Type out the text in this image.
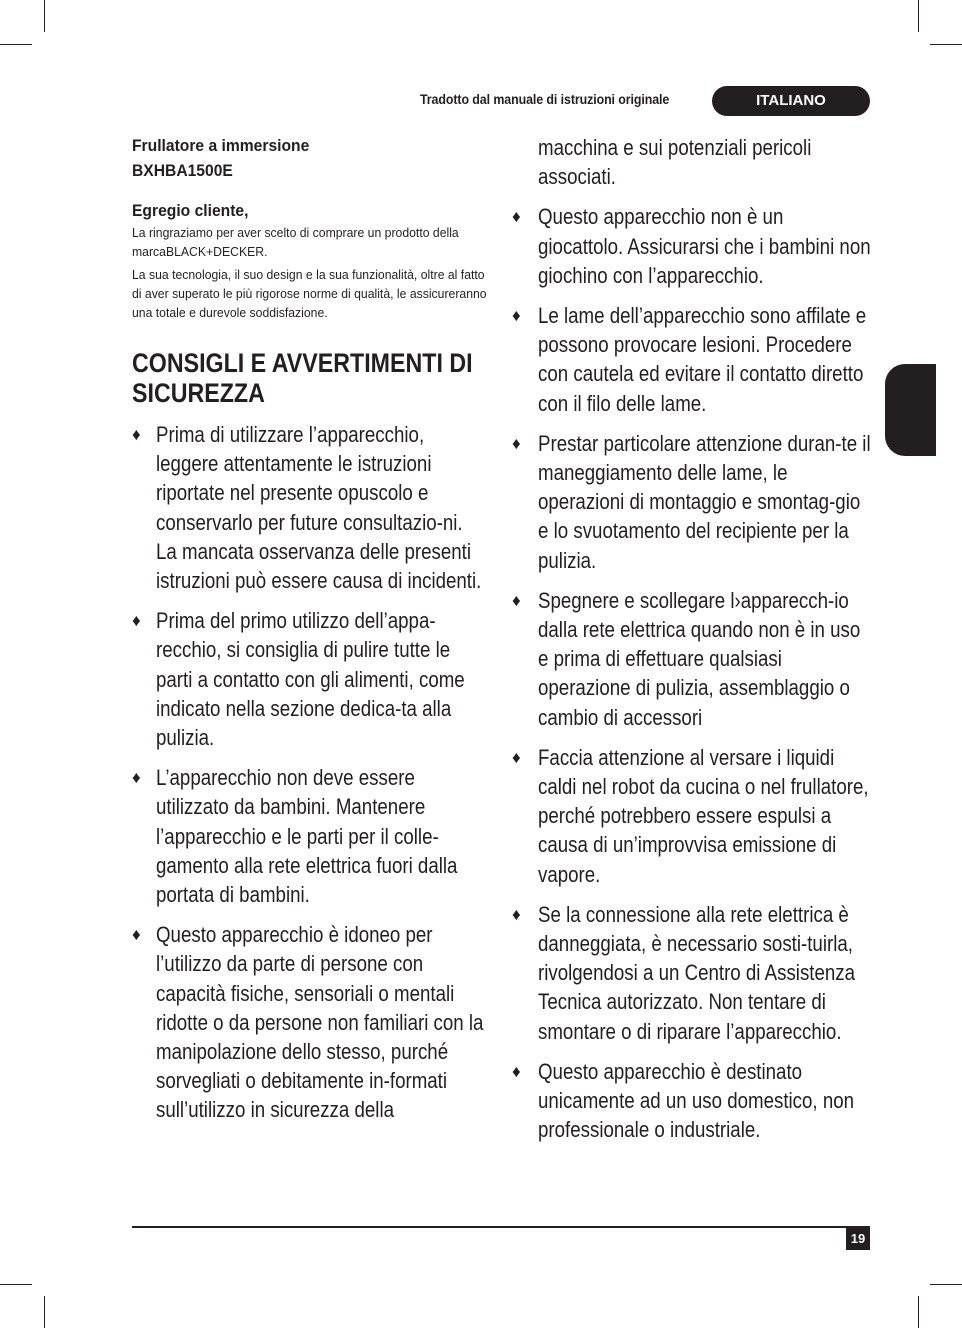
Tradotto dal manuale di istruzioni originale	ITALIANO
Frullatore a immersione
BXHBA1500E
Egregio cliente,

La ringraziamo per aver scelto di comprare un prodotto della marcaBLACK+DECKER.

La sua tecnologia, il suo design e la sua funzionalità, oltre al fatto di aver superato le più rigorose norme di qualità, le assicureranno una totale e durevole soddisfazione.

CONSIGLI E AVVERTIMENTI DI SICUREZZA
♦ Prima di utilizzare l’apparecchio, leggere attentamente le istruzioni riportate nel presente opuscolo e conservarlo per future consultazio-ni. La mancata osservanza delle presenti istruzioni può essere causa di incidenti.
♦ Prima del primo utilizzo dell’appa-recchio, si consiglia di pulire tutte le parti a contatto con gli alimenti, come indicato nella sezione dedica-ta alla pulizia.
♦ L’apparecchio non deve essere utilizzato da bambini. Mantenere l’apparecchio e le parti per il colle-gamento alla rete elettrica fuori dalla portata di bambini.
♦ Questo apparecchio è idoneo per l’utilizzo da parte di persone con capacità fisiche, sensoriali o mentali ridotte o da persone non familiari con la manipolazione dello stesso, purché sorvegliati o debitamente in-formati sull’utilizzo in sicurezza della
macchina e sui potenziali pericoli associati.
♦ Questo apparecchio non è un giocattolo. Assicurarsi che i bambini non giochino con l’apparecchio.
♦ Le lame dell’apparecchio sono affilate e possono provocare lesioni. Procedere con cautela ed evitare il contatto diretto con il filo delle lame.
♦ Prestar particolare attenzione duran-te il maneggiamento delle lame, le operazioni di montaggio e smontag-gio e lo svuotamento del recipiente per la pulizia.
♦ Spegnere e scollegare l›apparecch-io dalla rete elettrica quando non è in uso e prima di effettuare qualsiasi operazione di pulizia, assemblaggio o cambio di accessori
♦ Faccia attenzione al versare i liquidi caldi nel robot da cucina o nel frullatore, perché potrebbero essere espulsi a causa di un’improvvisa emissione di vapore.
♦ Se la connessione alla rete elettrica è danneggiata, è necessario sosti-tuirla, rivolgendosi a un Centro di Assistenza Tecnica autorizzato. Non tentare di smontare o di riparare l’apparecchio.
♦ Questo apparecchio è destinato unicamente ad un uso domestico, non professionale o industriale.
19
